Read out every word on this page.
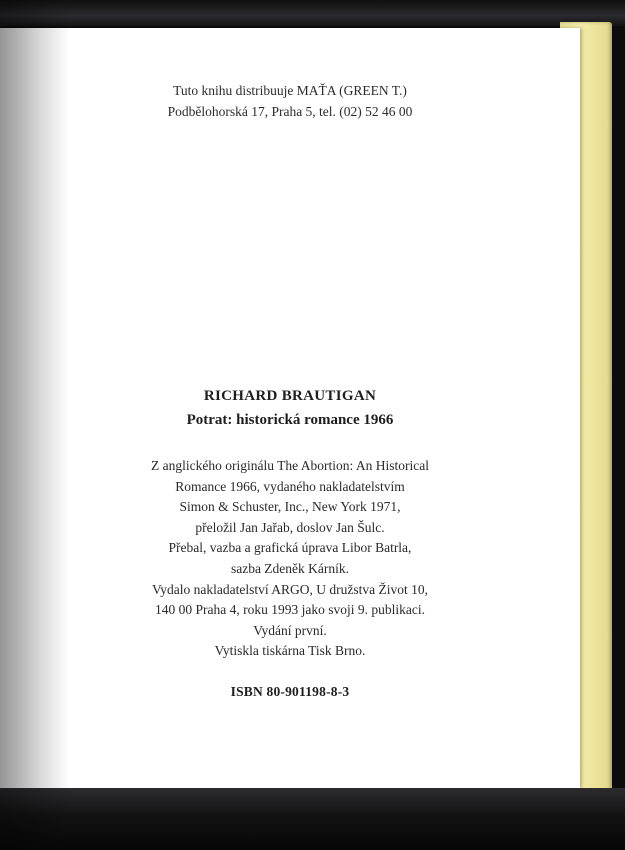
Tuto knihu distribuuje MAŤA (GREEN T.)
Podbělohorská 17, Praha 5, tel. (02) 52 46 00
RICHARD BRAUTIGAN
Potrat: historická romance 1966
Z anglického originálu The Abortion: An Historical
Romance 1966, vydaného nakladatelstvím
Simon & Schuster, Inc., New York 1971,
přeložil Jan Jařab, doslov Jan Šulc.
Přebal, vazba a grafická úprava Libor Batrla,
sazba Zdeněk Kárník.
Vydalo nakladatelství ARGO, U družstva Život 10,
140 00 Praha 4, roku 1993 jako svoji 9. publikaci.
Vydání první.
Vytiskla tiskárna Tisk Brno.
ISBN 80-901198-8-3
